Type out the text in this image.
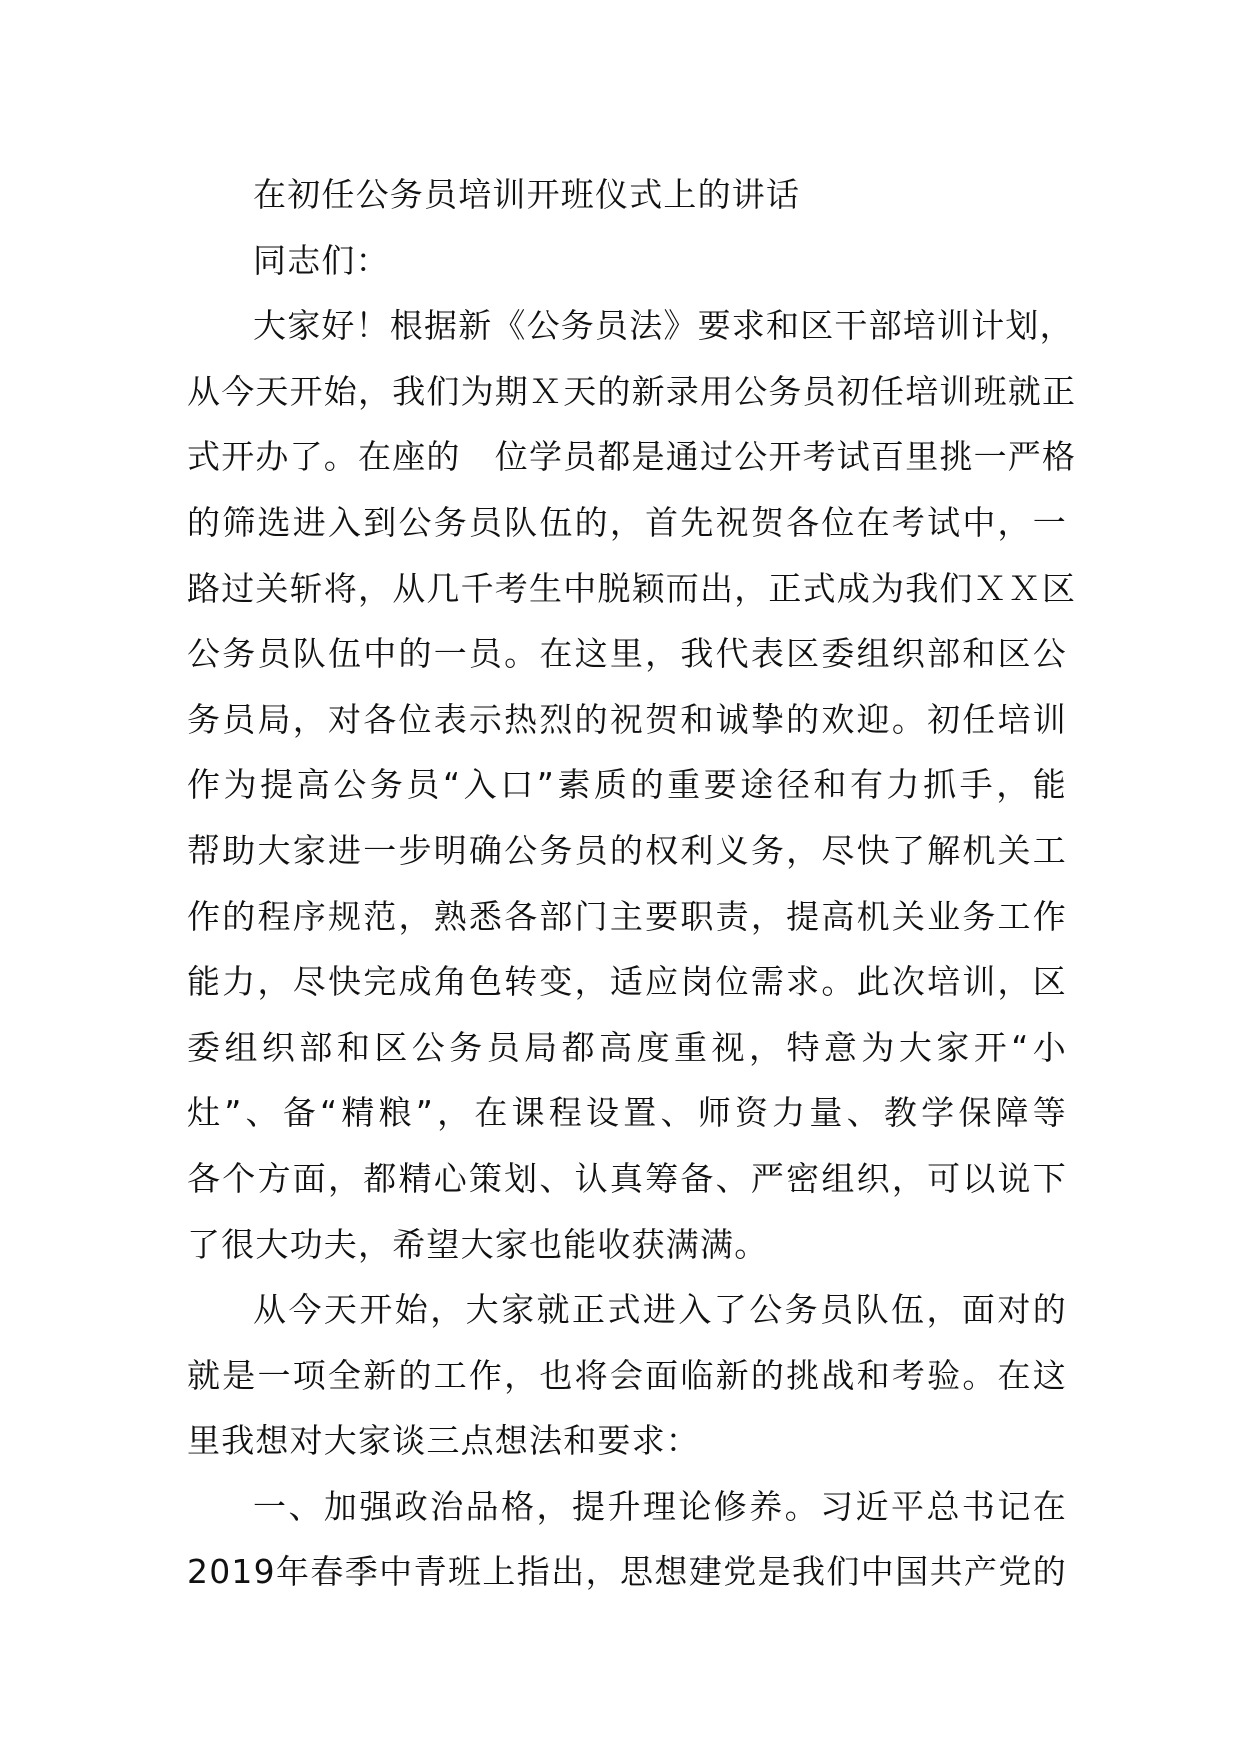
在初任公务员培训开班仪式上的讲话
同志们：
大家好！根据新《公务员法》要求和区干部培训计划，
从今天开始，我们为期Ｘ天的新录用公务员初任培训班就正
式开办了。在座的　位学员都是通过公开考试百里挑一严格
的筛选进入到公务员队伍的，首先祝贺各位在考试中，一
路过关斩将，从几千考生中脱颖而出，正式成为我们ＸＸ区
公务员队伍中的一员。在这里，我代表区委组织部和区公
务员局，对各位表示热烈的祝贺和诚挚的欢迎。初任培训
作为提高公务员“入口”素质的重要途径和有力抓手，能
帮助大家进一步明确公务员的权利义务，尽快了解机关工
作的程序规范，熟悉各部门主要职责，提高机关业务工作
能力，尽快完成角色转变，适应岗位需求。此次培训，区
委组织部和区公务员局都高度重视，特意为大家开“小
灶”、备“精粮”，在课程设置、师资力量、教学保障等
各个方面，都精心策划、认真筹备、严密组织，可以说下
了很大功夫，希望大家也能收获满满。
从今天开始，大家就正式进入了公务员队伍，面对的
就是一项全新的工作，也将会面临新的挑战和考验。在这
里我想对大家谈三点想法和要求：
一、加强政治品格，提升理论修养。习近平总书记在
2019年春季中青班上指出，思想建党是我们中国共产党的
